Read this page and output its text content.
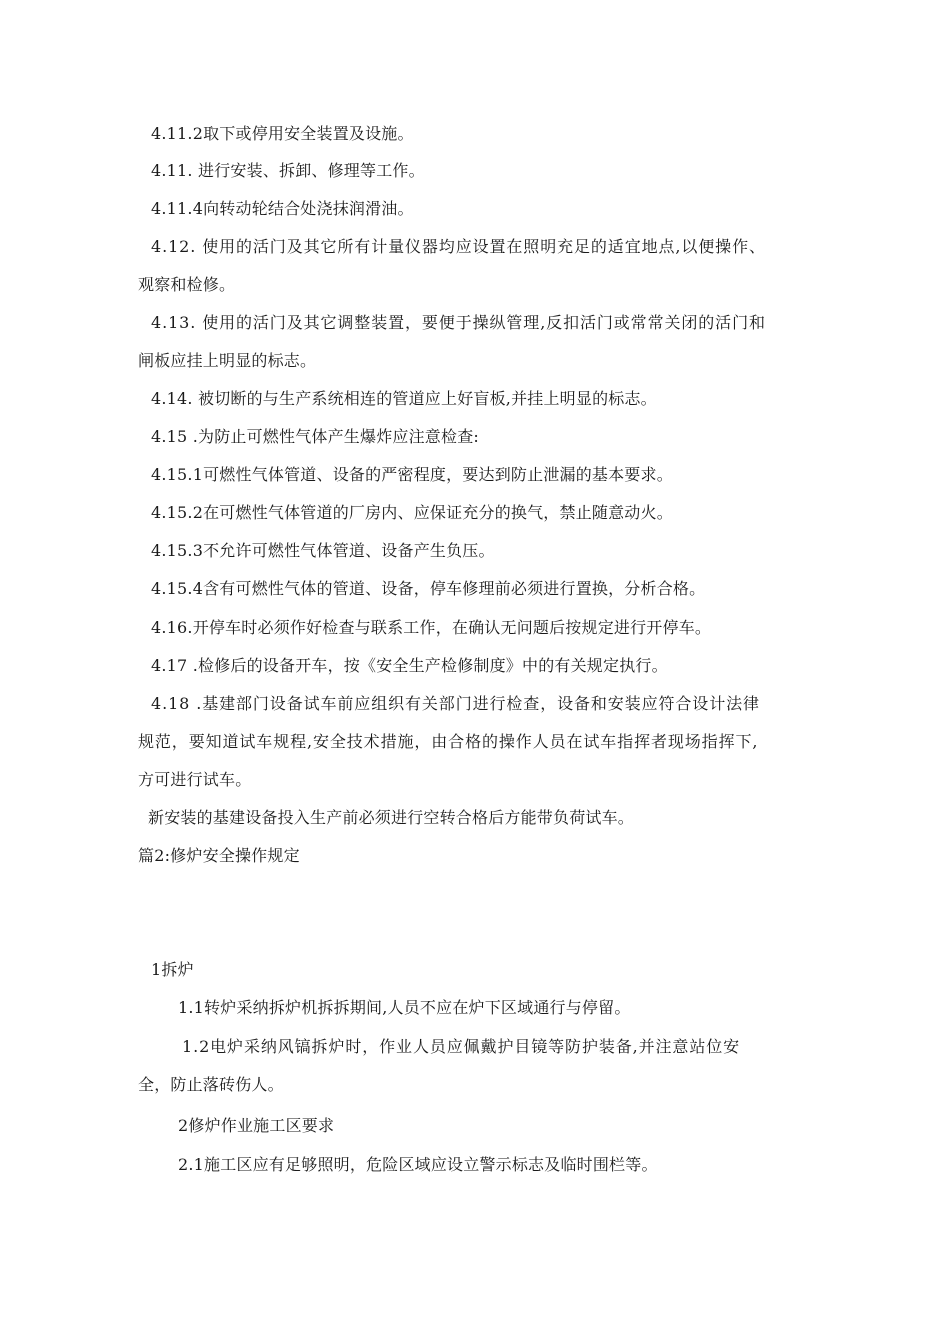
4.11.2取下或停用安全装置及设施。
4.11. 进行安装、拆卸、修理等工作。
4.11.4向转动轮结合处浇抹润滑油。
4.12. 使用的活门及其它所有计量仪器均应设置在照明充足的适宜地点,以便操作、
观察和检修。
4.13. 使用的活门及其它调整装置，要便于操纵管理,反扣活门或常常关闭的活门和
闸板应挂上明显的标志。
4.14. 被切断的与生产系统相连的管道应上好盲板,并挂上明显的标志。
4.15 .为防止可燃性气体产生爆炸应注意检查:
4.15.1可燃性气体管道、设备的严密程度，要达到防止泄漏的基本要求。
4.15.2在可燃性气体管道的厂房内、应保证充分的换气，禁止随意动火。
4.15.3不允许可燃性气体管道、设备产生负压。
4.15.4含有可燃性气体的管道、设备，停车修理前必须进行置换，分析合格。
4.16.开停车时必须作好检查与联系工作，在确认无问题后按规定进行开停车。
4.17 .检修后的设备开车，按《安全生产检修制度》中的有关规定执行。
4.18 .基建部门设备试车前应组织有关部门进行检查，设备和安装应符合设计法律
规范，要知道试车规程,安全技术措施，由合格的操作人员在试车指挥者现场指挥下,
方可进行试车。
新安装的基建设备投入生产前必须进行空转合格后方能带负荷试车。
篇2:修炉安全操作规定
1拆炉
1.1转炉采纳拆炉机拆拆期间,人员不应在炉下区域通行与停留。
1.2电炉采纳风镐拆炉时，作业人员应佩戴护目镜等防护装备,并注意站位安
全，防止落砖伤人。
2修炉作业施工区要求
2.1施工区应有足够照明，危险区域应设立警示标志及临时围栏等。
